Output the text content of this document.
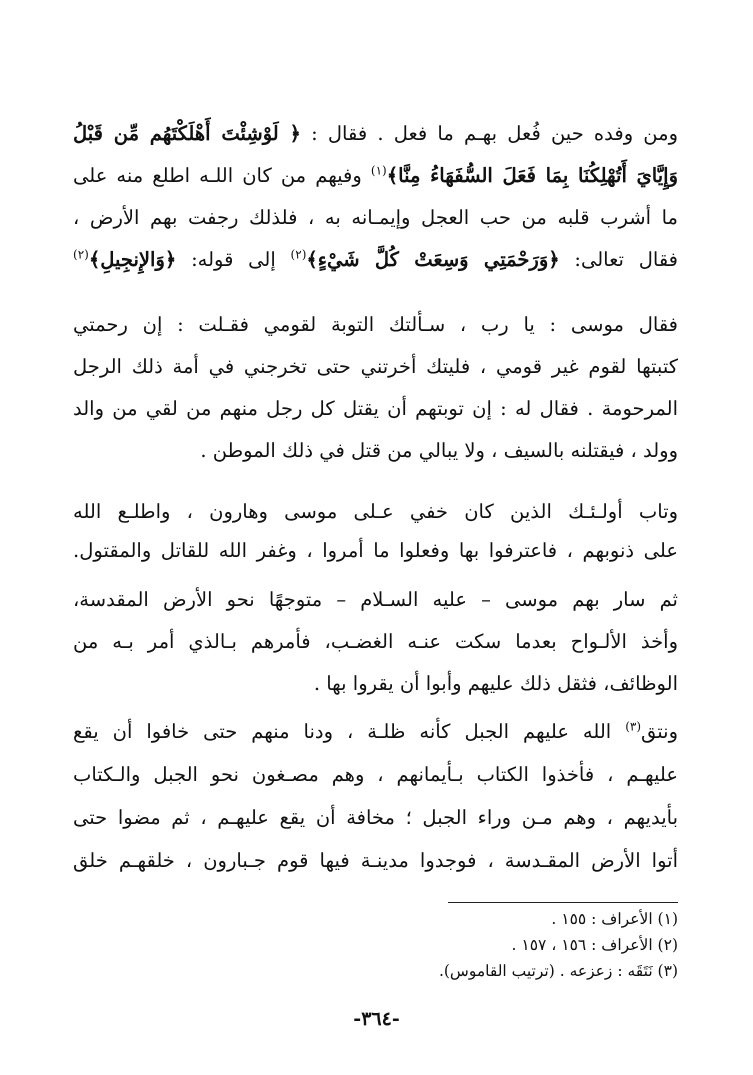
ومن وفده حين فُعل بهـم ما فعل . فقال : ﴿ لَوْشِئْتَ أَهْلَكْتَهُم مِّن قَبْلُ
وَإِيَّايَ أَتُهْلِكُنَا بِمَا فَعَلَ السُّفَهَاءُ مِنَّا﴾$^{(١)}$ وفيهم من كان اللـه اطلع منه على
ما أشرب قلبه من حب العجل وإيمـانه به ، فلذلك رجفت بهم الأرض ،
فقال تعالى: ﴿وَرَحْمَتِي وَسِعَتْ كُلَّ شَيْءٍ﴾$^{(٢)}$ إلى قوله: ﴿وَالإِنجِيلِ﴾$^{(٢)}$
فقال موسى : يا رب ، سـألتك التوبة لقومي فقـلت : إن رحمتي
كتبتها لقوم غير قومي ، فليتك أخرتني حتى تخرجني في أمة ذلك الرجل
المرحومة . فقال له : إن توبتهم أن يقتل كل رجل منهم من لقي من والد
وولد ، فيقتلنه بالسيف ، ولا يبالي من قتل في ذلك الموطن .
وتاب أولـئـك الذين كان خفي عـلى موسى وهارون ، واطلـع الله
على ذنوبهم ، فاعترفوا بها وفعلوا ما أمروا ، وغفر الله للقاتل والمقتول.
ثم سار بهم موسى – عليه السـلام – متوجهًا نحو الأرض المقدسة،
وأخذ الألـواح بعدما سكت عنـه الغضـب، فأمرهم بـالذي أمر بـه من
الوظائف، فثقل ذلك عليهم وأبوا أن يقروا بها .
ونتق$^{(٣)}$ الله عليهم الجبل كأنه ظلـة ، ودنا منهم حتى خافوا أن يقع
عليهـم ، فأخذوا الكتاب بـأيمانهم ، وهم مصـغون نحو الجبل والـكتاب
بأيديهم ، وهم مـن وراء الجبل ؛ مخافة أن يقع عليهـم ، ثم مضوا حتى
أتوا الأرض المقـدسة ، فوجدوا مدينـة فيها قوم جـبارون ، خلقهـم خلق
(١) الأعراف : ١٥٥ .
(٢) الأعراف : ١٥٦ ، ١٥٧ .
(٣) نَتَقَه : زعزعه . (ترتيب القاموس).
-٣٦٤-
